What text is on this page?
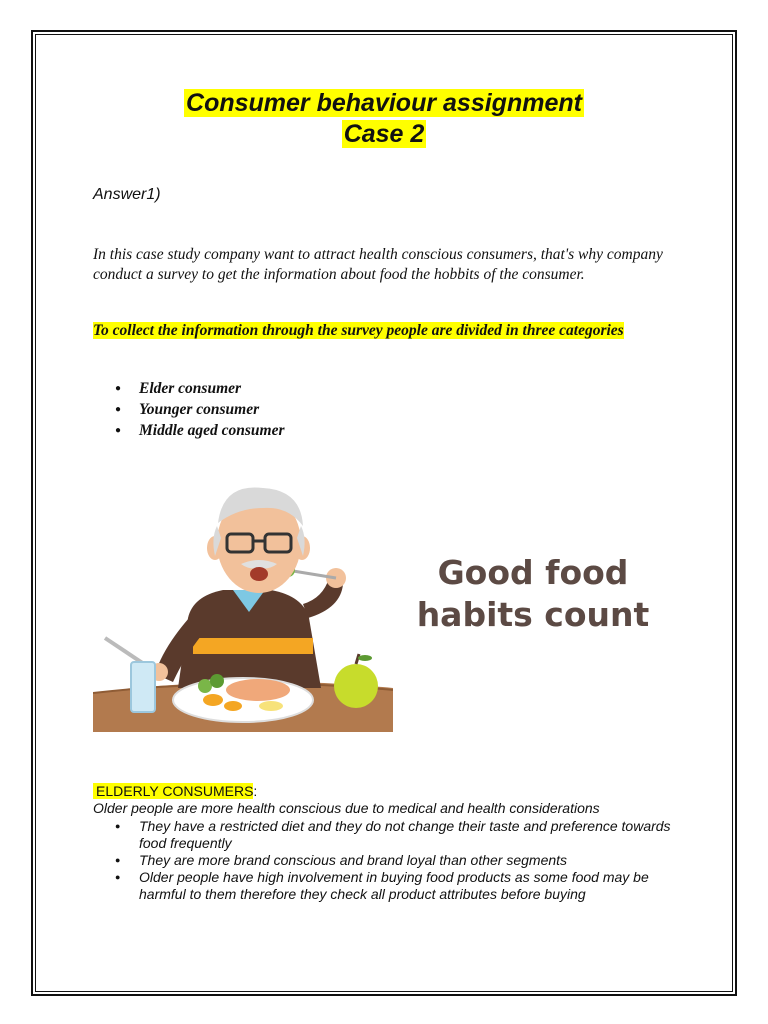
Consumer behaviour assignment
Case 2
Answer1)

In this case study company want to attract health conscious consumers, that's why company conduct a survey to get the information about food the hobbits of the consumer.

To collect the information through the survey people are divided in three categories

● Elder consumer
● Younger consumer
● Middle aged consumer
Good food
habits count
ELDERLY CONSUMERS:

Older people are more health conscious due to medical and health considerations

● They have a restricted diet and they do not change their taste and preference towards food frequently
● They are more brand conscious and brand loyal than other segments
● Older people have high involvement in buying food products as some food may be harmful to them therefore they check all product attributes before buying
